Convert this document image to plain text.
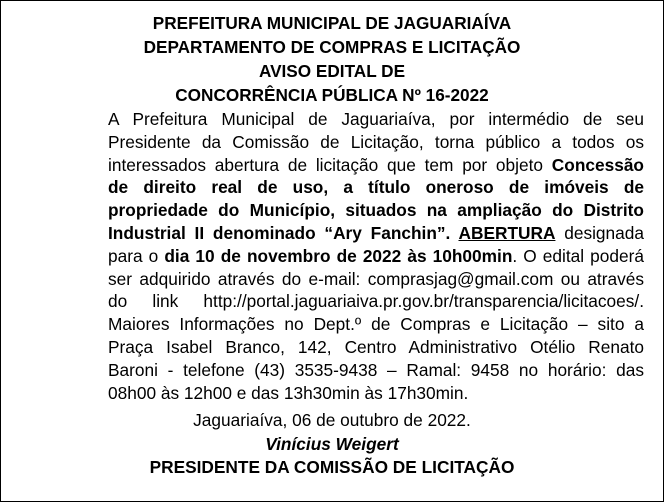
PREFEITURA MUNICIPAL DE JAGUARIAÍVA
DEPARTAMENTO DE COMPRAS E LICITAÇÃO
AVISO EDITAL DE
CONCORRÊNCIA PÚBLICA Nº 16-2022
A Prefeitura Municipal de Jaguariaíva, por intermédio de seu
Presidente da Comissão de Licitação, torna público a todos os
interessados abertura de licitação que tem por objeto Concessão
de direito real de uso, a título oneroso de imóveis de
propriedade do Município, situados na ampliação do Distrito
Industrial II denominado “Ary Fanchin”. ABERTURA designada
para o dia 10 de novembro de 2022 às 10h00min. O edital poderá
ser adquirido através do e-mail: comprasjag@gmail.com ou através
do link http://portal.jaguariaiva.pr.gov.br/transparencia/licitacoes/.
Maiores Informações no Dept.º de Compras e Licitação – sito a
Praça Isabel Branco, 142, Centro Administrativo Otélio Renato
Baroni - telefone (43) 3535-9438 – Ramal: 9458 no horário: das
08h00 às 12h00 e das 13h30min às 17h30min.
Jaguariaíva, 06 de outubro de 2022.
Vinícius Weigert
PRESIDENTE DA COMISSÃO DE LICITAÇÃO
